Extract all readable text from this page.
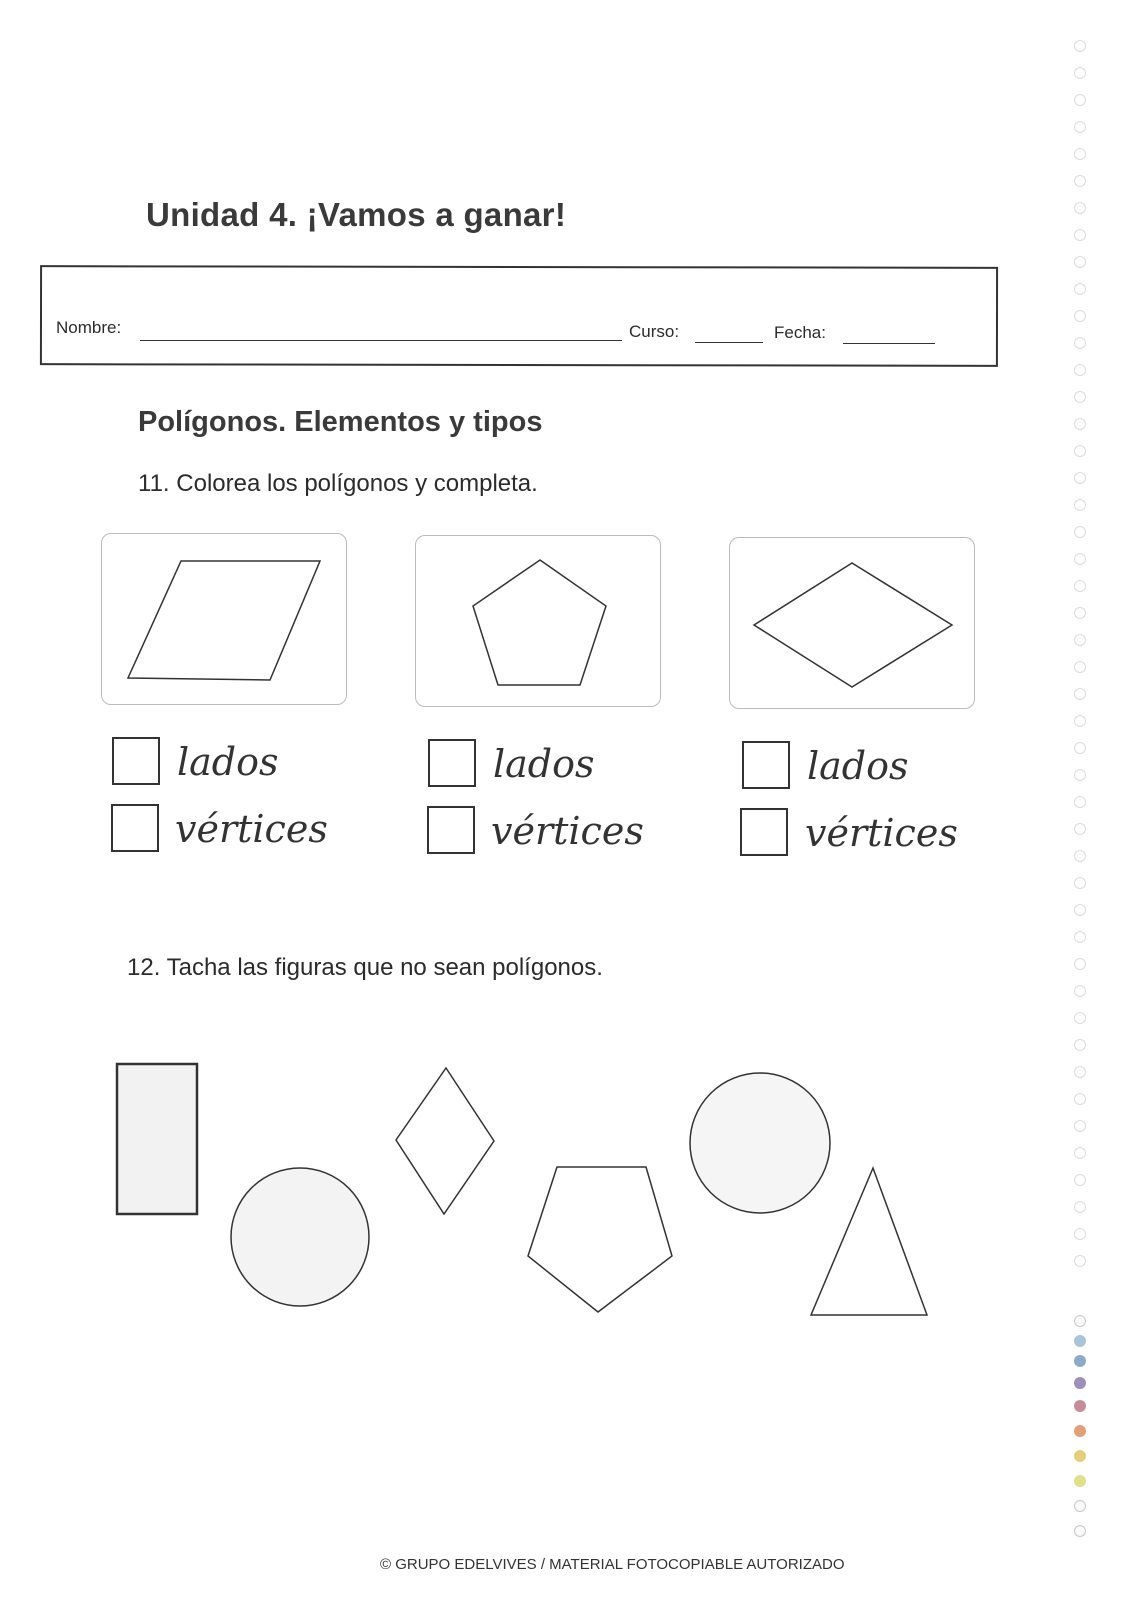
Unidad 4. ¡Vamos a ganar!
Nombre:	Curso:	Fecha:
Polígonos. Elementos y tipos
11. Colorea los polígonos y completa.
lados
vértices
lados
vértices
lados
vértices
12. Tacha las figuras que no sean polígonos.
© GRUPO EDELVIVES / MATERIAL FOTOCOPIABLE AUTORIZADO
